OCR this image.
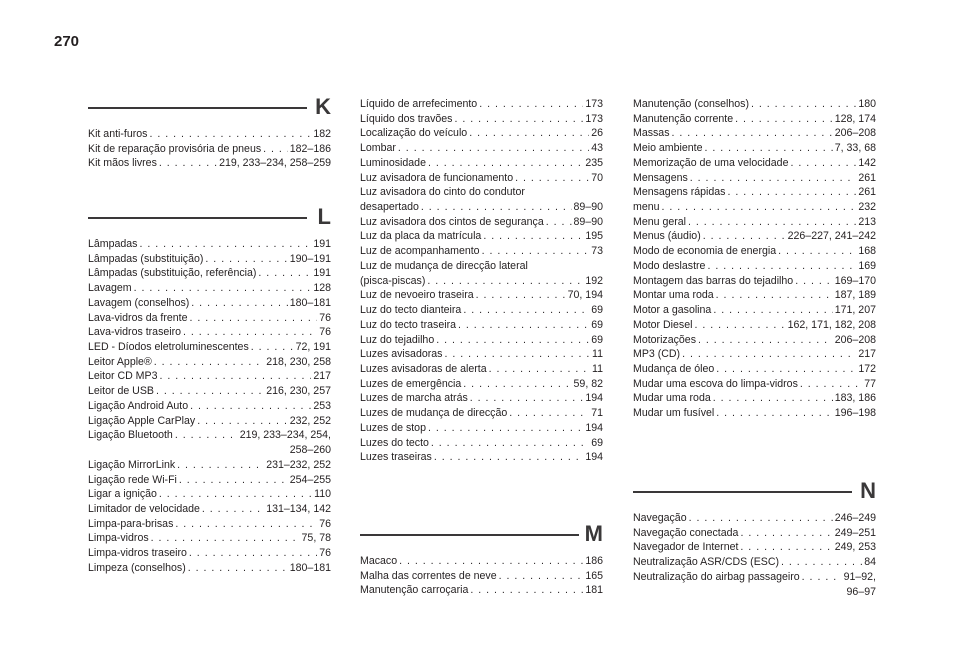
270
K
Kit anti-furos . . .	182
Kit de reparação provisória de pneus . . .	182–186
Kit mãos livres . . .	219, 233–234, 258–259
L
Lâmpadas . . .	191
Lâmpadas (substituição) . . .	190–191
Lâmpadas (substituição, referência) . . .	191
Lavagem . . .	128
Lavagem (conselhos) . . .	180–181
Lava-vidros da frente . . .	76
Lava-vidros traseiro . . .	76
LED - Díodos eletroluminescentes . . .	72, 191
Leitor Apple® . . .	218, 230, 258
Leitor CD MP3 . . .	217
Leitor de USB . . .	216, 230, 257
Ligação Android Auto . . .	253
Ligação Apple CarPlay . . .	232, 252
Ligação Bluetooth . . .	219, 233–234, 254,
258–260
Ligação MirrorLink . . .	231–232, 252
Ligação rede Wi-Fi . . .	254–255
Ligar a ignição . . .	110
Limitador de velocidade . . .	131–134, 142
Limpa-para-brisas . . .	76
Limpa-vidros . . .	75, 78
Limpa-vidros traseiro . . .	76
Limpeza (conselhos) . . .	180–181
Líquido de arrefecimento . . .	173
Líquido dos travões . . .	173
Localização do veículo . . .	26
Lombar . . .	43
Luminosidade . . .	235
Luz avisadora de funcionamento . . .	70
Luz avisadora do cinto do condutor
desapertado . . .	89–90
Luz avisadora dos cintos de segurança . . .	89–90
Luz da placa da matrícula . . .	195
Luz de acompanhamento . . .	73
Luz de mudança de direcção lateral
(pisca-piscas) . . .	192
Luz de nevoeiro traseira . . .	70, 194
Luz do tecto dianteira . . .	69
Luz do tecto traseira . . .	69
Luz do tejadilho . . .	69
Luzes avisadoras . . .	11
Luzes avisadoras de alerta . . .	11
Luzes de emergência . . .	59, 82
Luzes de marcha atrás . . .	194
Luzes de mudança de direcção . . .	71
Luzes de stop . . .	194
Luzes do tecto . . .	69
Luzes traseiras . . .	194
M
Macaco . . .	186
Malha das correntes de neve . . .	165
Manutenção carroçaria . . .	181
Manutenção (conselhos) . . .	180
Manutenção corrente . . .	128, 174
Massas . . .	206–208
Meio ambiente . . .	7, 33, 68
Memorização de uma velocidade . . .	142
Mensagens . . .	261
Mensagens rápidas . . .	261
menu . . .	232
Menu geral . . .	213
Menus (áudio) . . .	226–227, 241–242
Modo de economia de energia . . .	168
Modo deslastre . . .	169
Montagem das barras do tejadilho . . .	169–170
Montar uma roda . . .	187, 189
Motor a gasolina . . .	171, 207
Motor Diesel . . .	162, 171, 182, 208
Motorizações . . .	206–208
MP3 (CD) . . .	217
Mudança de óleo . . .	172
Mudar uma escova do limpa-vidros . . .	77
Mudar uma roda . . .	183, 186
Mudar um fusível . . .	196–198
N
Navegação . . .	246–249
Navegação conectada . . .	249–251
Navegador de Internet . . .	249, 253
Neutralização ASR/CDS (ESC) . . .	84
Neutralização do airbag passageiro . . .	91–92,
96–97
